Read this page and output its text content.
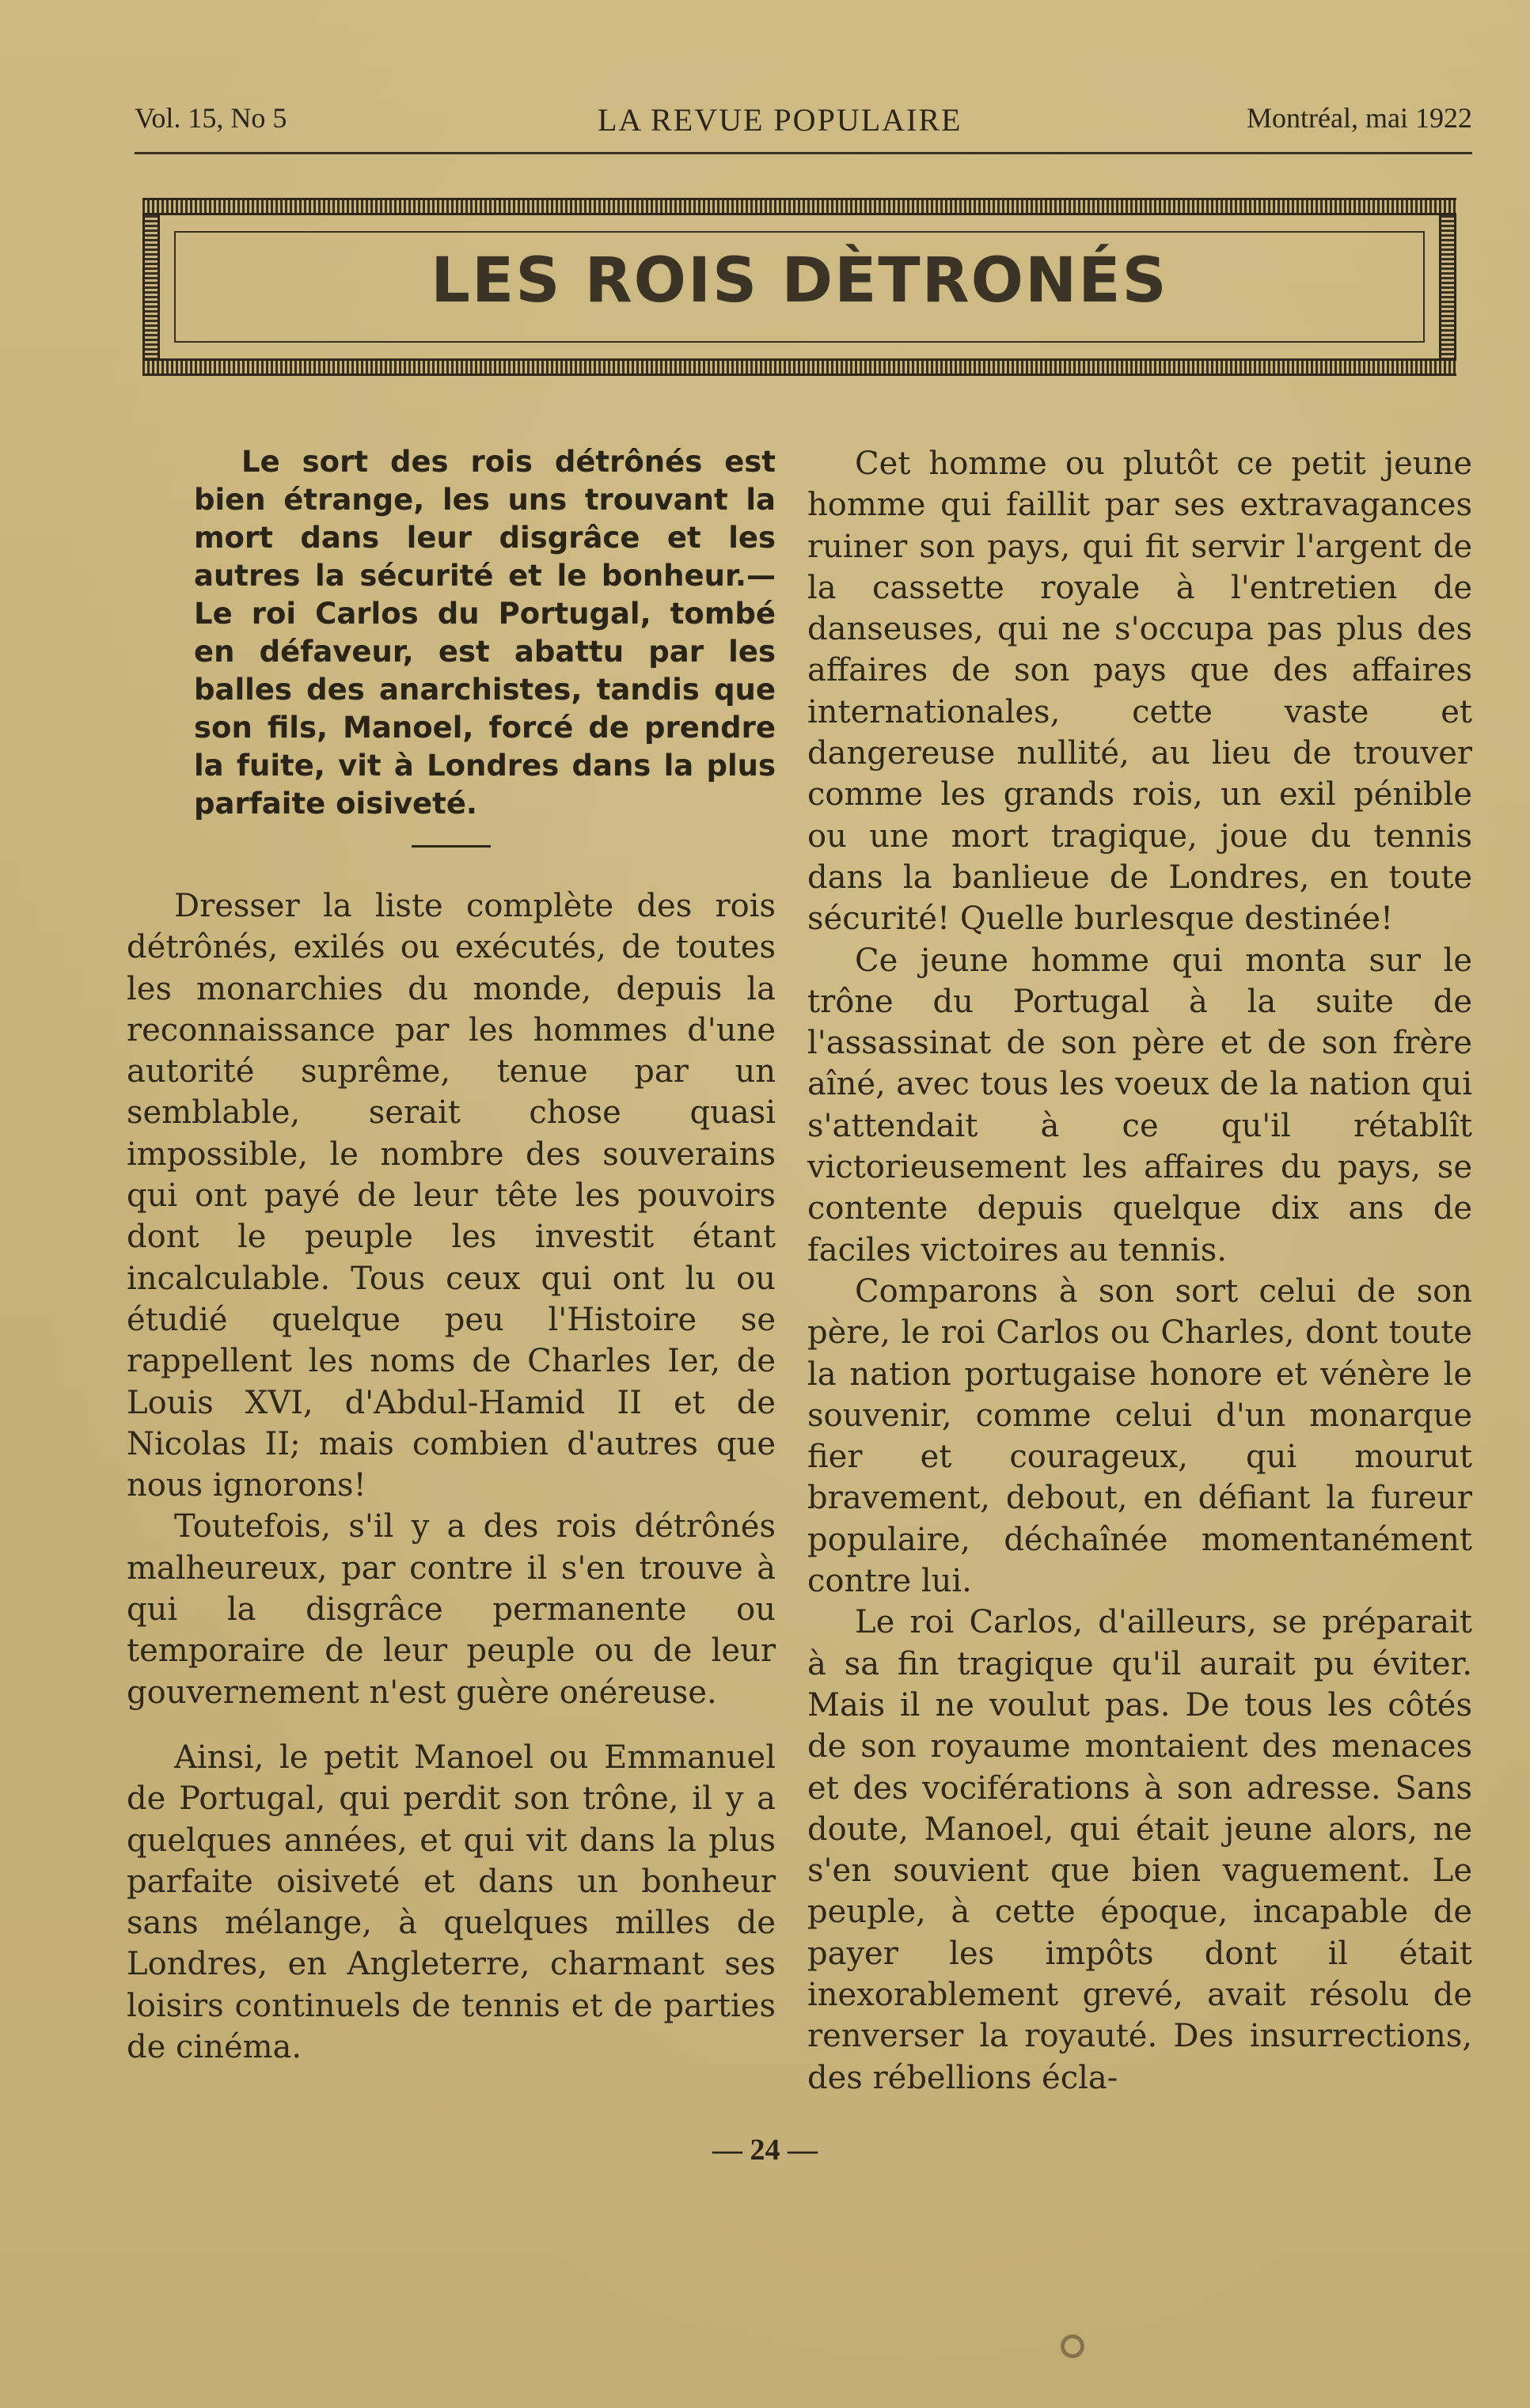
Vol. 15, No 5	LA REVUE POPULAIRE	Montréal, mai 1922
LES ROIS DÈTRONÉS

Le sort des rois détrônés est bien étrange, les uns trouvant la mort dans leur disgrâce et les autres la sécurité et le bonheur.—Le roi Carlos du Portugal, tombé en défaveur, est abattu par les balles des anarchistes, tandis que son fils, Manoel, forcé de prendre la fuite, vit à Londres dans la plus parfaite oisiveté.

Dresser la liste complète des rois détrônés, exilés ou exécutés, de toutes les monarchies du monde, depuis la reconnaissance par les hommes d'une autorité suprême, tenue par un semblable, serait chose quasi impossible, le nombre des souverains qui ont payé de leur tête les pouvoirs dont le peuple les investit étant incalculable. Tous ceux qui ont lu ou étudié quelque peu l'Histoire se rappellent les noms de Charles Ier, de Louis XVI, d'Abdul-Hamid II et de Nicolas II; mais combien d'autres que nous ignorons!

Toutefois, s'il y a des rois détrônés malheureux, par contre il s'en trouve à qui la disgrâce permanente ou temporaire de leur peuple ou de leur gouvernement n'est guère onéreuse.

Ainsi, le petit Manoel ou Emmanuel de Portugal, qui perdit son trône, il y a quelques années, et qui vit dans la plus parfaite oisiveté et dans un bonheur sans mélange, à quelques milles de Londres, en Angleterre, charmant ses loisirs continuels de tennis et de parties de cinéma.

Cet homme ou plutôt ce petit jeune homme qui faillit par ses extravagances ruiner son pays, qui fit servir l'argent de la cassette royale à l'entretien de danseuses, qui ne s'occupa pas plus des affaires de son pays que des affaires internationales, cette vaste et dangereuse nullité, au lieu de trouver comme les grands rois, un exil pénible ou une mort tragique, joue du tennis dans la banlieue de Londres, en toute sécurité! Quelle burlesque destinée!

Ce jeune homme qui monta sur le trône du Portugal à la suite de l'assassinat de son père et de son frère aîné, avec tous les voeux de la nation qui s'attendait à ce qu'il rétablît victorieusement les affaires du pays, se contente depuis quelque dix ans de faciles victoires au tennis.

Comparons à son sort celui de son père, le roi Carlos ou Charles, dont toute la nation portugaise honore et vénère le souvenir, comme celui d'un monarque fier et courageux, qui mourut bravement, debout, en défiant la fureur populaire, déchaînée momentanément contre lui.

Le roi Carlos, d'ailleurs, se préparait à sa fin tragique qu'il aurait pu éviter. Mais il ne voulut pas. De tous les côtés de son royaume montaient des menaces et des vociférations à son adresse. Sans doute, Manoel, qui était jeune alors, ne s'en souvient que bien vaguement. Le peuple, à cette époque, incapable de payer les impôts dont il était inexorablement grevé, avait résolu de renverser la royauté. Des insurrections, des rébellions écla-

— 24 —
